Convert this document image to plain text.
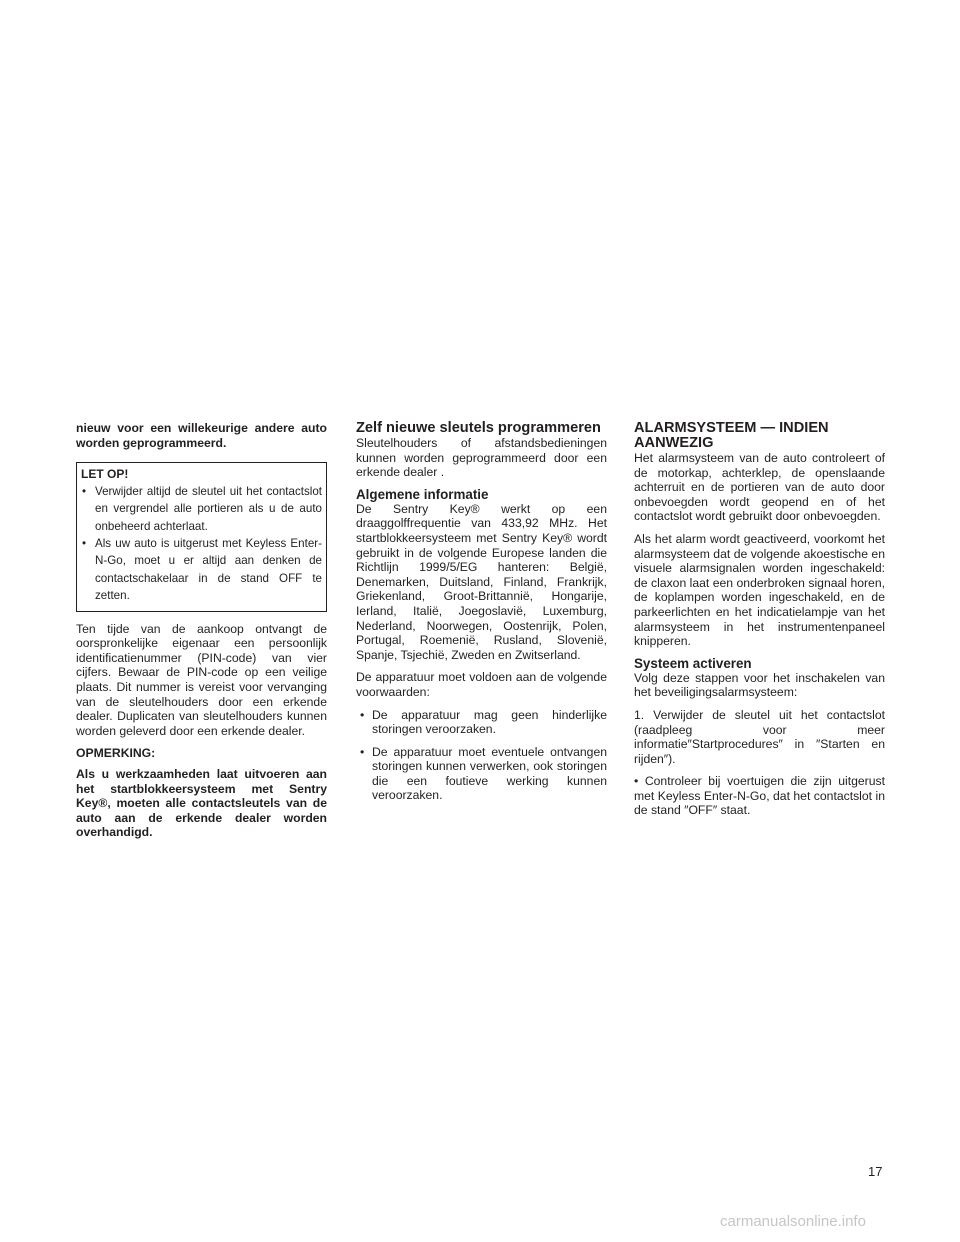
nieuw voor een willekeurige andere auto worden geprogrammeerd.

LET OP!
• Verwijder altijd de sleutel uit het contactslot en vergrendel alle portieren als u de auto onbeheerd achterlaat.
• Als uw auto is uitgerust met Keyless Enter-N-Go, moet u er altijd aan denken de contactschakelaar in de stand OFF te zetten.

Ten tijde van de aankoop ontvangt de oorspronkelijke eigenaar een persoonlijk identificatienummer (PIN-code) van vier cijfers. Bewaar de PIN-code op een veilige plaats. Dit nummer is vereist voor vervanging van de sleutelhouders door een erkende dealer. Duplicaten van sleutelhouders kunnen worden geleverd door een erkende dealer.

OPMERKING:

Als u werkzaamheden laat uitvoeren aan het startblokkeersysteem met Sentry Key®, moeten alle contactsleutels van de auto aan de erkende dealer worden overhandigd.

Zelf nieuwe sleutels programmeren

Sleutelhouders of afstandsbedieningen kunnen worden geprogrammeerd door een erkende dealer .

Algemene informatie

De Sentry Key® werkt op een draaggolffrequentie van 433,92 MHz. Het startblokkeersysteem met Sentry Key® wordt gebruikt in de volgende Europese landen die Richtlijn 1999/5/EG hanteren: België, Denemarken, Duitsland, Finland, Frankrijk, Griekenland, Groot-Brittannië, Hongarije, Ierland, Italië, Joegoslavië, Luxemburg, Nederland, Noorwegen, Oostenrijk, Polen, Portugal, Roemenië, Rusland, Slovenië, Spanje, Tsjechië, Zweden en Zwitserland.

De apparatuur moet voldoen aan de volgende voorwaarden:

• De apparatuur mag geen hinderlijke storingen veroorzaken.
• De apparatuur moet eventuele ontvangen storingen kunnen verwerken, ook storingen die een foutieve werking kunnen veroorzaken.
ALARMSYSTEEM — INDIEN AANWEZIG

Het alarmsysteem van de auto controleert of de motorkap, achterklep, de openslaande achterruit en de portieren van de auto door onbevoegden wordt geopend en of het contactslot wordt gebruikt door onbevoegden.

Als het alarm wordt geactiveerd, voorkomt het alarmsysteem dat de volgende akoestische en visuele alarmsignalen worden ingeschakeld: de claxon laat een onderbroken signaal horen, de koplampen worden ingeschakeld, en de parkeerlichten en het indicatielampje van het alarmsysteem in het instrumentenpaneel knipperen.

Systeem activeren

Volg deze stappen voor het inschakelen van het beveiligingsalarmsysteem:

1. Verwijder de sleutel uit het contactslot (raadpleeg voor meer informatie″Startprocedures″ in ″Starten en rijden″).

• Controleer bij voertuigen die zijn uitgerust met Keyless Enter-N-Go, dat het contactslot in de stand ″OFF″ staat.

17
carmanualsonline.info
